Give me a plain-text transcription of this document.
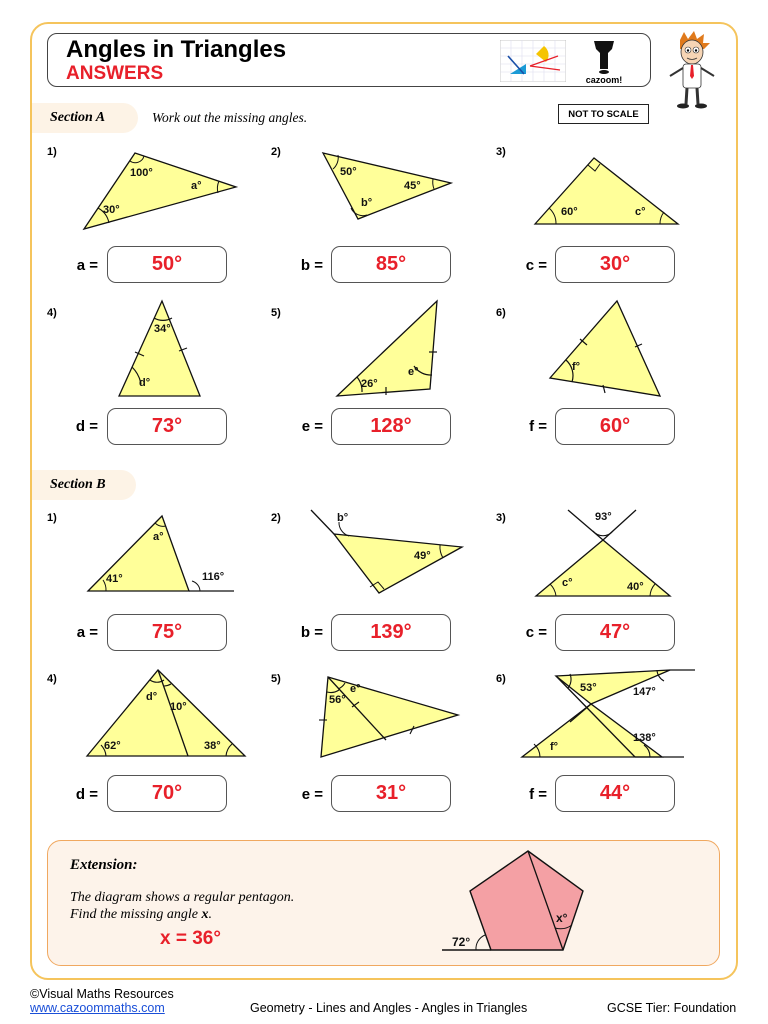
Angles in Triangles
ANSWERS	cazoom!
Section A	Work out the missing angles.	NOT TO SCALE
1)	2)	3)
4)	5)	6)
100°
a°
30°
50°
45°
b°
60°	c°
34°
d°	26°
e°	f°
a =	50°	b =	85°	c =	30°
d =	73°	e =	128°	f =	60°
Section B
1)	2)	3)
4)	5)	6)
a°
41°	116°
b°
49°
93°
c°	40°
a =	75°	b =	139°	c =	47°
d°
10°
62°	38°
56°
e°	53°	147°
138°
f°
d =	70°	e =	31°	f =	44°
Extension:
The diagram shows a regular pentagon.
Find the missing angle x.
x = 36°	72°
x°
©Visual Maths Resources
www.cazoommaths.com	Geometry - Lines and Angles - Angles in Triangles	GCSE Tier: Foundation
